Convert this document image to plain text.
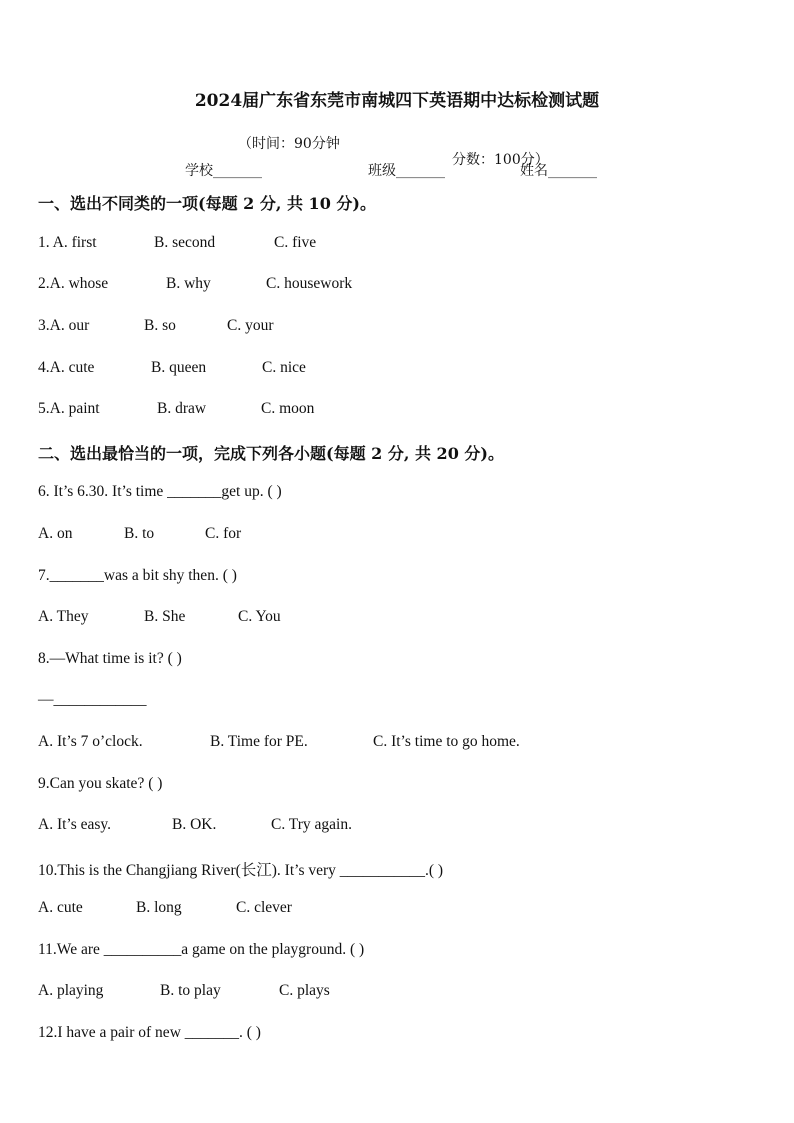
2024届广东省东莞市南城四下英语期中达标检测试题

（时间：90分钟

分数：100分）

学校_______	班级_______	姓名_______
一、选出不同类的一项(每题 2 分, 共 10 分)。
1. A. first	B. second	C. five
2.A. whose	B. why	C. housework
3.A. our	B. so	C. your
4.A. cute	B. queen	C. nice
5.A. paint	B. draw	C. moon
二、选出最恰当的一项，完成下列各小题(每题 2 分, 共 20 分)。
6. It’s 6.30. It’s time _______get up. ( )
A. on	B. to	C. for
7._______was a bit shy then. ( )
A. They	B. She	C. You
8.—What time is it? ( )
—____________
A. It’s 7 o’clock.	B. Time for PE.	C. It’s time to go home.
9.Can you skate? ( )
A. It’s easy.	B. OK.	C. Try again.
10.This is the Changjiang River(长江). It’s very ___________.( )
A. cute	B. long	C. clever
11.We are __________a game on the playground. ( )
A. playing	B. to play	C. plays
12.I have a pair of new _______. ( )
